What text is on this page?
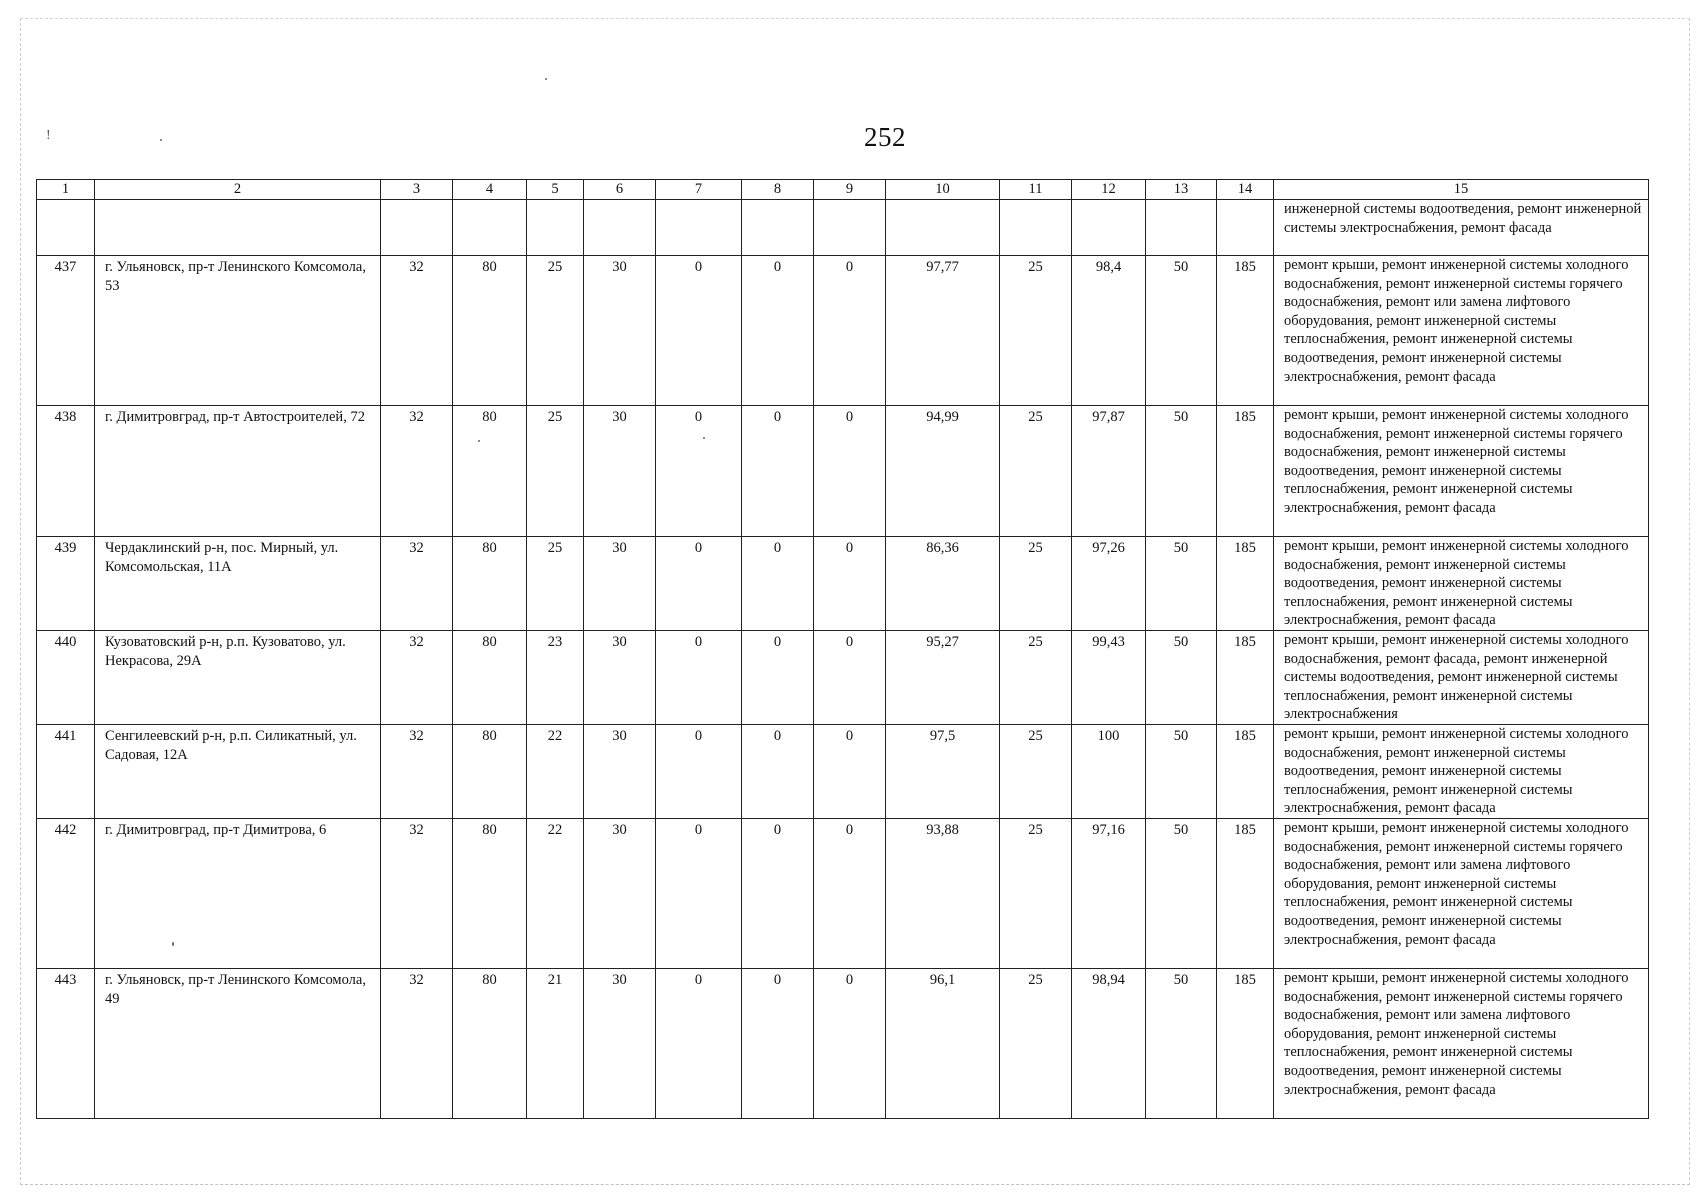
!	252
1	2	3	4	5	6	7	8	9	10	11	12	13	14	15
														инженерной системы водоотведения, ремонт инженерной системы электроснабжения, ремонт фасада
437	г. Ульяновск, пр-т Ленинского Комсомола, 53	32	80	25	30	0	0	0	97,77	25	98,4	50	185	ремонт крыши, ремонт инженерной системы холодного водоснабжения, ремонт инженерной системы горячего водоснабжения, ремонт или замена лифтового оборудования, ремонт инженерной системы теплоснабжения, ремонт инженерной системы водоотведения, ремонт инженерной системы электроснабжения, ремонт фасада
438	г. Димитровград, пр-т Автостроителей, 72	32	80	25	30	0	0	0	94,99	25	97,87	50	185	ремонт крыши, ремонт инженерной системы холодного водоснабжения, ремонт инженерной системы горячего водоснабжения, ремонт инженерной системы водоотведения, ремонт инженерной системы теплоснабжения, ремонт инженерной системы электроснабжения, ремонт фасада
439	Чердаклинский р-н, пос. Мирный, ул. Комсомольская, 11А	32	80	25	30	0	0	0	86,36	25	97,26	50	185	ремонт крыши, ремонт инженерной системы холодного водоснабжения, ремонт инженерной системы водоотведения, ремонт инженерной системы теплоснабжения, ремонт инженерной системы электроснабжения, ремонт фасада
440	Кузоватовский р-н, р.п. Кузоватово, ул. Некрасова, 29А	32	80	23	30	0	0	0	95,27	25	99,43	50	185	ремонт крыши, ремонт инженерной системы холодного водоснабжения, ремонт фасада, ремонт инженерной системы водоотведения, ремонт инженерной системы теплоснабжения, ремонт инженерной системы электроснабжения
441	Сенгилеевский р-н, р.п. Силикатный, ул. Садовая, 12А	32	80	22	30	0	0	0	97,5	25	100	50	185	ремонт крыши, ремонт инженерной системы холодного водоснабжения, ремонт инженерной системы водоотведения, ремонт инженерной системы теплоснабжения, ремонт инженерной системы электроснабжения, ремонт фасада
442	г. Димитровград, пр-т Димитрова, 6	32	80	22	30	0	0	0	93,88	25	97,16	50	185	ремонт крыши, ремонт инженерной системы холодного водоснабжения, ремонт инженерной системы горячего водоснабжения, ремонт или замена лифтового оборудования, ремонт инженерной системы теплоснабжения, ремонт инженерной системы водоотведения, ремонт инженерной системы электроснабжения, ремонт фасада
443	г. Ульяновск, пр-т Ленинского Комсомола, 49	32	80	21	30	0	0	0	96,1	25	98,94	50	185	ремонт крыши, ремонт инженерной системы холодного водоснабжения, ремонт инженерной системы горячего водоснабжения, ремонт или замена лифтового оборудования, ремонт инженерной системы теплоснабжения, ремонт инженерной системы водоотведения, ремонт инженерной системы электроснабжения, ремонт фасада
